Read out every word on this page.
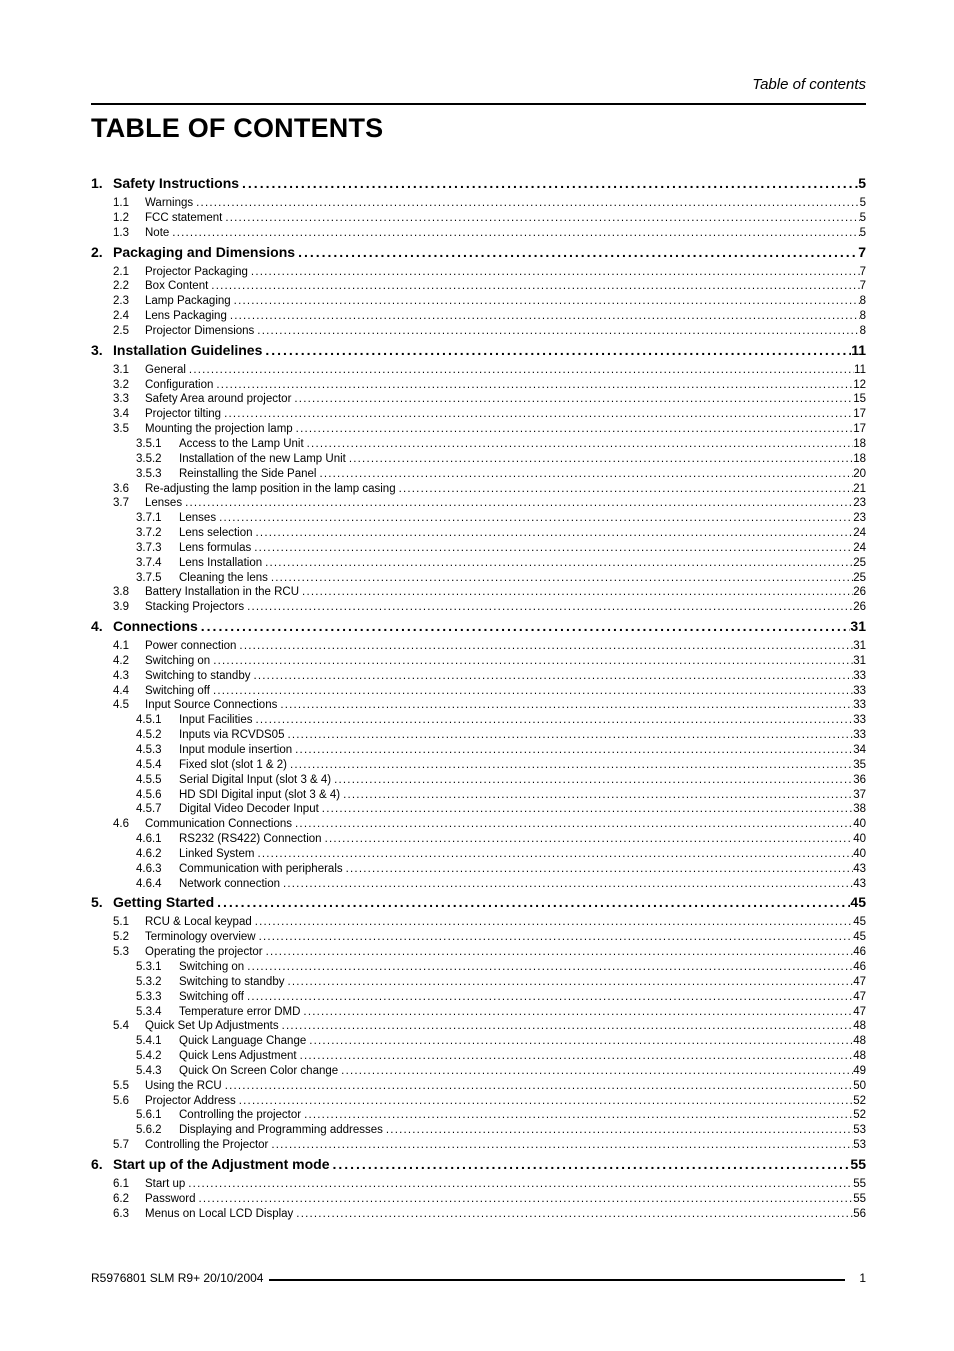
Table of contents
TABLE OF CONTENTS
1. Safety Instructions .....	5
1.1	Warnings .....	5
1.2	FCC statement .....	5
1.3	Note .....	5
2. Packaging and Dimensions .....	7
2.1	Projector Packaging .....	7
2.2	Box Content .....	7
2.3	Lamp Packaging .....	8
2.4	Lens Packaging .....	8
2.5	Projector Dimensions .....	8
3. Installation Guidelines .....	11
3.1	General .....	11
3.2	Configuration .....	12
3.3	Safety Area around projector .....	15
3.4	Projector tilting .....	17
3.5	Mounting the projection lamp .....	17
3.5.1	Access to the Lamp Unit .....	18
3.5.2	Installation of the new Lamp Unit .....	18
3.5.3	Reinstalling the Side Panel .....	20
3.6	Re-adjusting the lamp position in the lamp casing .....	21
3.7	Lenses .....	23
3.7.1	Lenses .....	23
3.7.2	Lens selection .....	24
3.7.3	Lens formulas .....	24
3.7.4	Lens Installation .....	25
3.7.5	Cleaning the lens .....	25
3.8	Battery Installation in the RCU .....	26
3.9	Stacking Projectors .....	26
4. Connections .....	31
4.1	Power connection .....	31
4.2	Switching on .....	31
4.3	Switching to standby .....	33
4.4	Switching off .....	33
4.5	Input Source Connections .....	33
4.5.1	Input Facilities .....	33
4.5.2	Inputs via RCVDS05 .....	33
4.5.3	Input module insertion .....	34
4.5.4	Fixed slot (slot 1 & 2) .....	35
4.5.5	Serial Digital Input (slot 3 & 4) .....	36
4.5.6	HD SDI Digital input (slot 3 & 4) .....	37
4.5.7	Digital Video Decoder Input .....	38
4.6	Communication Connections .....	40
4.6.1	RS232 (RS422) Connection .....	40
4.6.2	Linked System .....	40
4.6.3	Communication with peripherals .....	43
4.6.4	Network connection .....	43
5. Getting Started .....	45
5.1	RCU & Local keypad .....	45
5.2	Terminology overview .....	45
5.3	Operating the projector .....	46
5.3.1	Switching on .....	46
5.3.2	Switching to standby .....	47
5.3.3	Switching off .....	47
5.3.4	Temperature error DMD .....	47
5.4	Quick Set Up Adjustments .....	48
5.4.1	Quick Language Change .....	48
5.4.2	Quick Lens Adjustment .....	48
5.4.3	Quick On Screen Color change .....	49
5.5	Using the RCU .....	50
5.6	Projector Address .....	52
5.6.1	Controlling the projector .....	52
5.6.2	Displaying and Programming addresses .....	53
5.7	Controlling the Projector .....	53
6. Start up of the Adjustment mode .....	55
6.1	Start up .....	55
6.2	Password .....	55
6.3	Menus on Local LCD Display .....	56
R5976801 SLM R9+ 20/10/2004	1
